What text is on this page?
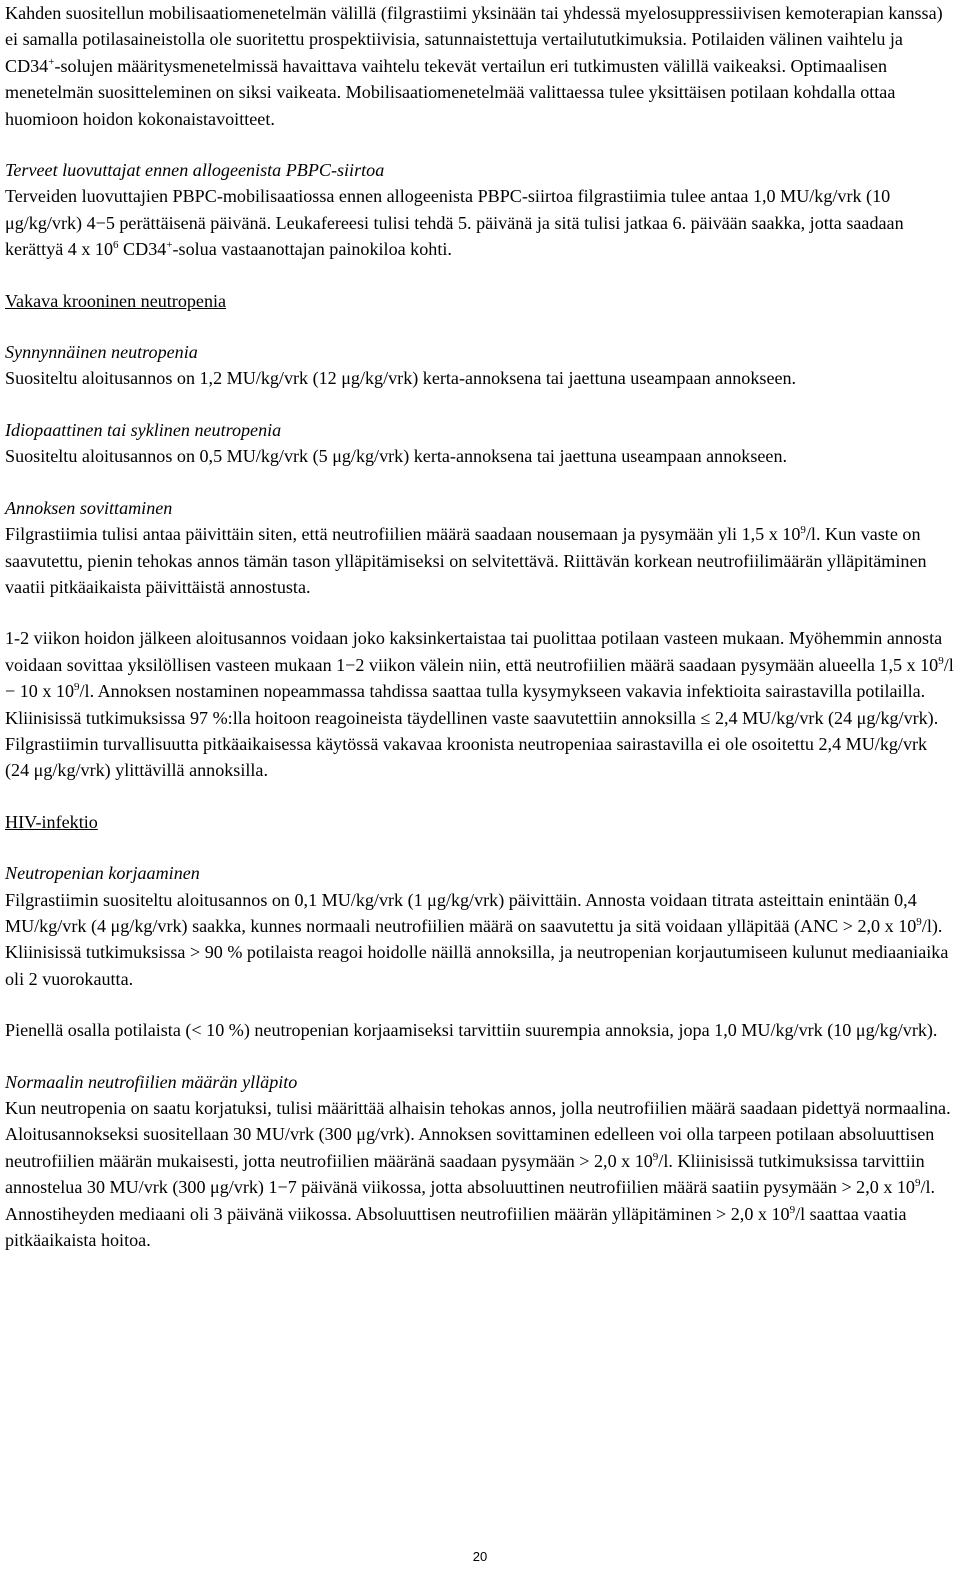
Kahden suositellun mobilisaatiomenetelmän välillä (filgrastiimi yksinään tai yhdessä myelosuppressiivisen kemoterapian kanssa) ei samalla potilasaineistolla ole suoritettu prospektiivisia, satunnaistettuja vertailututkimuksia. Potilaiden välinen vaihtelu ja CD34+-solujen määritysmenetelmissä havaittava vaihtelu tekevät vertailun eri tutkimusten välillä vaikeaksi. Optimaalisen menetelmän suositteleminen on siksi vaikeata. Mobilisaatiomenetelmää valittaessa tulee yksittäisen potilaan kohdalla ottaa huomioon hoidon kokonaistavoitteet.

Terveet luovuttajat ennen allogeenista PBPC-siirtoa

Terveiden luovuttajien PBPC-mobilisaatiossa ennen allogeenista PBPC-siirtoa filgrastiimia tulee antaa 1,0 MU/kg/vrk (10 μg/kg/vrk) 4−5 perättäisenä päivänä. Leukafereesi tulisi tehdä 5. päivänä ja sitä tulisi jatkaa 6. päivään saakka, jotta saadaan kerättyä 4 x $10^6$ CD34+-solua vastaanottajan painokiloa kohti.

Vakava krooninen neutropenia

Synnynnäinen neutropenia

Suositeltu aloitusannos on 1,2 MU/kg/vrk (12 μg/kg/vrk) kerta-annoksena tai jaettuna useampaan annokseen.

Idiopaattinen tai syklinen neutropenia

Suositeltu aloitusannos on 0,5 MU/kg/vrk (5 μg/kg/vrk) kerta-annoksena tai jaettuna useampaan annokseen.

Annoksen sovittaminen

Filgrastiimia tulisi antaa päivittäin siten, että neutrofiilien määrä saadaan nousemaan ja pysymään yli 1,5 x $10^9/l$. Kun vaste on saavutettu, pienin tehokas annos tämän tason ylläpitämiseksi on selvitettävä. Riittävän korkean neutrofiilimäärän ylläpitäminen vaatii pitkäaikaista päivittäistä annostusta.

1-2 viikon hoidon jälkeen aloitusannos voidaan joko kaksinkertaistaa tai puolittaa potilaan vasteen mukaan. Myöhemmin annosta voidaan sovittaa yksilöllisen vasteen mukaan 1−2 viikon välein niin, että neutrofiilien määrä saadaan pysymään alueella 1,5 x $10^9/l - 10$ x $10^9/l$. Annoksen nostaminen nopeammassa tahdissa saattaa tulla kysymykseen vakavia infektioita sairastavilla potilailla. Kliinisissä tutkimuksissa 97 %:lla hoitoon reagoineista täydellinen vaste saavutettiin annoksilla ≤ 2,4 MU/kg/vrk (24 μg/kg/vrk). Filgrastiimin turvallisuutta pitkäaikaisessa käytössä vakavaa kroonista neutropeniaa sairastavilla ei ole osoitettu 2,4 MU/kg/vrk (24 μg/kg/vrk) ylittävillä annoksilla.

HIV-infektio

Neutropenian korjaaminen

Filgrastiimin suositeltu aloitusannos on 0,1 MU/kg/vrk (1 μg/kg/vrk) päivittäin. Annosta voidaan titrata asteittain enintään 0,4 MU/kg/vrk (4 μg/kg/vrk) saakka, kunnes normaali neutrofiilien määrä on saavutettu ja sitä voidaan ylläpitää (ANC > 2,0 x $10^9/l$). Kliinisissä tutkimuksissa > 90 % potilaista reagoi hoidolle näillä annoksilla, ja neutropenian korjautumiseen kulunut mediaaniaika oli 2 vuorokautta.

Pienellä osalla potilaista (< 10 %) neutropenian korjaamiseksi tarvittiin suurempia annoksia, jopa 1,0 MU/kg/vrk (10 μg/kg/vrk).

Normaalin neutrofiilien määrän ylläpito

Kun neutropenia on saatu korjatuksi, tulisi määrittää alhaisin tehokas annos, jolla neutrofiilien määrä saadaan pidettyä normaalina. Aloitusannokseksi suositellaan 30 MU/vrk (300 μg/vrk). Annoksen sovittaminen edelleen voi olla tarpeen potilaan absoluuttisen neutrofiilien määrän mukaisesti, jotta neutrofiilien määränä saadaan pysymään > 2,0 x $10^9/l$. Kliinisissä tutkimuksissa tarvittiin annostelua 30 MU/vrk (300 μg/vrk) 1−7 päivänä viikossa, jotta absoluuttinen neutrofiilien määrä saatiin pysymään > 2,0 x $10^9/l$. Annostiheyden mediaani oli 3 päivänä viikossa. Absoluuttisen neutrofiilien määrän ylläpitäminen > 2,0 x $10^9/l$ saattaa vaatia pitkäaikaista hoitoa.

20
